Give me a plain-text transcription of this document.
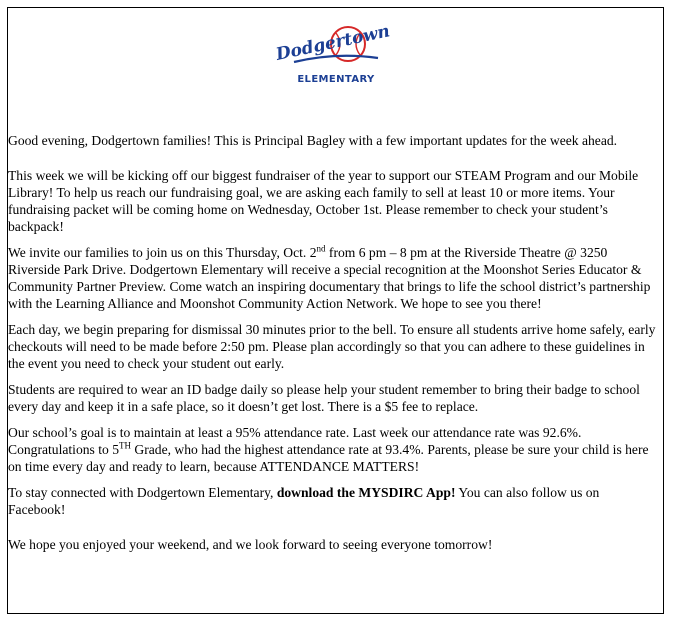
Dodgertown
ELEMENTARY

Good evening, Dodgertown families! This is Principal Bagley with a few important updates for the week ahead.

This week we will be kicking off our biggest fundraiser of the year to support our STEAM Program and our Mobile Library! To help us reach our fundraising goal, we are asking each family to sell at least 10 or more items. Your fundraising packet will be coming home on Wednesday, October 1st. Please remember to check your student’s backpack!

We invite our families to join us on this Thursday, Oct. 2nd from 6 pm – 8 pm at the Riverside Theatre @ 3250 Riverside Park Drive. Dodgertown Elementary will receive a special recognition at the Moonshot Series Educator & Community Partner Preview. Come watch an inspiring documentary that brings to life the school district’s partnership with the Learning Alliance and Moonshot Community Action Network. We hope to see you there!

Each day, we begin preparing for dismissal 30 minutes prior to the bell. To ensure all students arrive home safely, early checkouts will need to be made before 2:50 pm. Please plan accordingly so that you can adhere to these guidelines in the event you need to check your student out early.

Students are required to wear an ID badge daily so please help your student remember to bring their badge to school every day and keep it in a safe place, so it doesn’t get lost. There is a $5 fee to replace.

Our school’s goal is to maintain at least a 95% attendance rate. Last week our attendance rate was 92.6%. Congratulations to 5TH Grade, who had the highest attendance rate at 93.4%. Parents, please be sure your child is here on time every day and ready to learn, because ATTENDANCE MATTERS!

To stay connected with Dodgertown Elementary, download the MYSDIRC App! You can also follow us on Facebook!

We hope you enjoyed your weekend, and we look forward to seeing everyone tomorrow!
